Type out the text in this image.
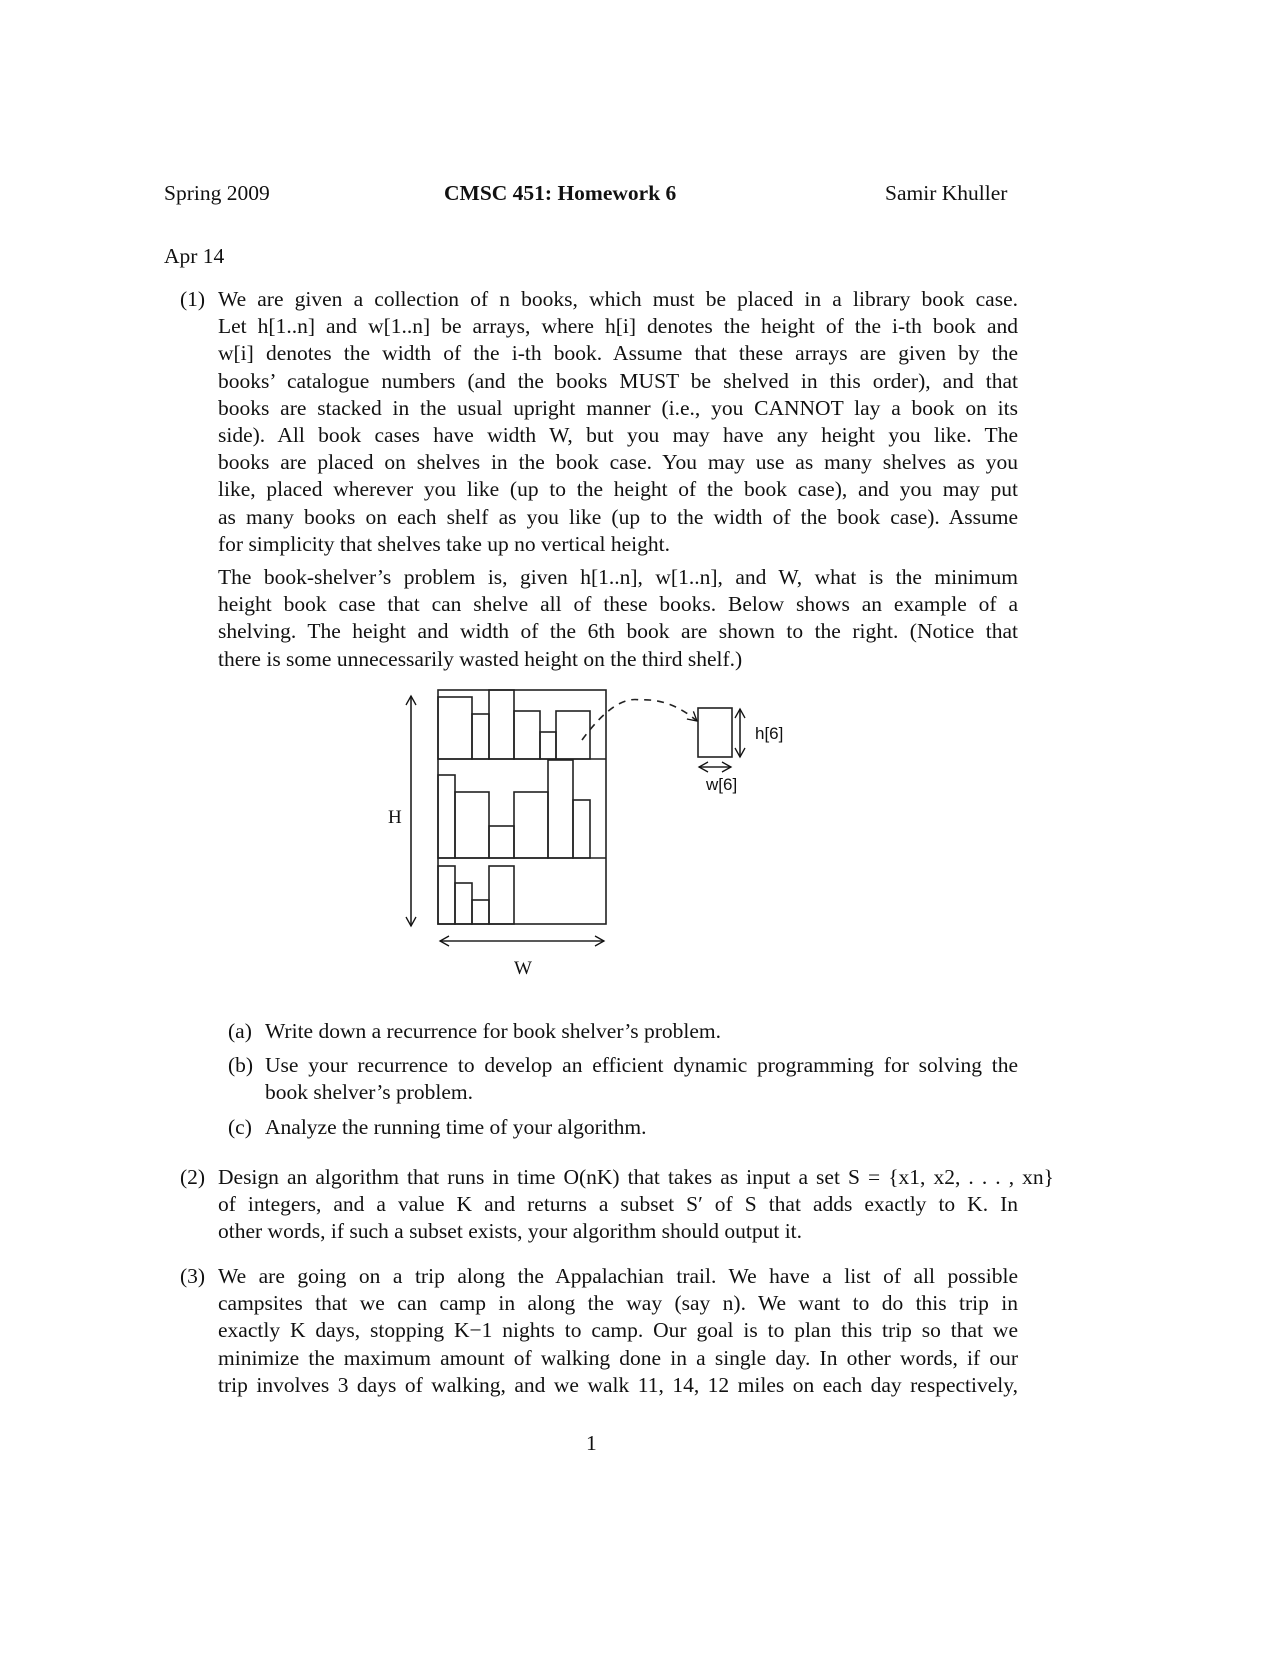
Spring 2009	CMSC 451: Homework 6	Samir Khuller
Apr 14
(1) We are given a collection of n books, which must be placed in a library book case.
Let h[1..n] and w[1..n] be arrays, where h[i] denotes the height of the i-th book and
w[i] denotes the width of the i-th book. Assume that these arrays are given by the
books’ catalogue numbers (and the books MUST be shelved in this order), and that
books are stacked in the usual upright manner (i.e., you CANNOT lay a book on its
side). All book cases have width W, but you may have any height you like. The
books are placed on shelves in the book case. You may use as many shelves as you
like, placed wherever you like (up to the height of the book case), and you may put
as many books on each shelf as you like (up to the width of the book case). Assume
for simplicity that shelves take up no vertical height.
The book-shelver’s problem is, given h[1..n], w[1..n], and W, what is the minimum
height book case that can shelve all of these books. Below shows an example of a
shelving. The height and width of the 6th book are shown to the right. (Notice that
there is some unnecessarily wasted height on the third shelf.)
H
W
h[6]
w[6]
(a) Write down a recurrence for book shelver’s problem.
(b) Use your recurrence to develop an efficient dynamic programming for solving the
book shelver’s problem.
(c) Analyze the running time of your algorithm.
(2) Design an algorithm that runs in time O(nK) that takes as input a set S = {x1, x2, . . . , xn}
of integers, and a value K and returns a subset S′ of S that adds exactly to K. In
other words, if such a subset exists, your algorithm should output it.
(3) We are going on a trip along the Appalachian trail. We have a list of all possible
campsites that we can camp in along the way (say n). We want to do this trip in
exactly K days, stopping K−1 nights to camp. Our goal is to plan this trip so that we
minimize the maximum amount of walking done in a single day. In other words, if our
trip involves 3 days of walking, and we walk 11, 14, 12 miles on each day respectively,
1
